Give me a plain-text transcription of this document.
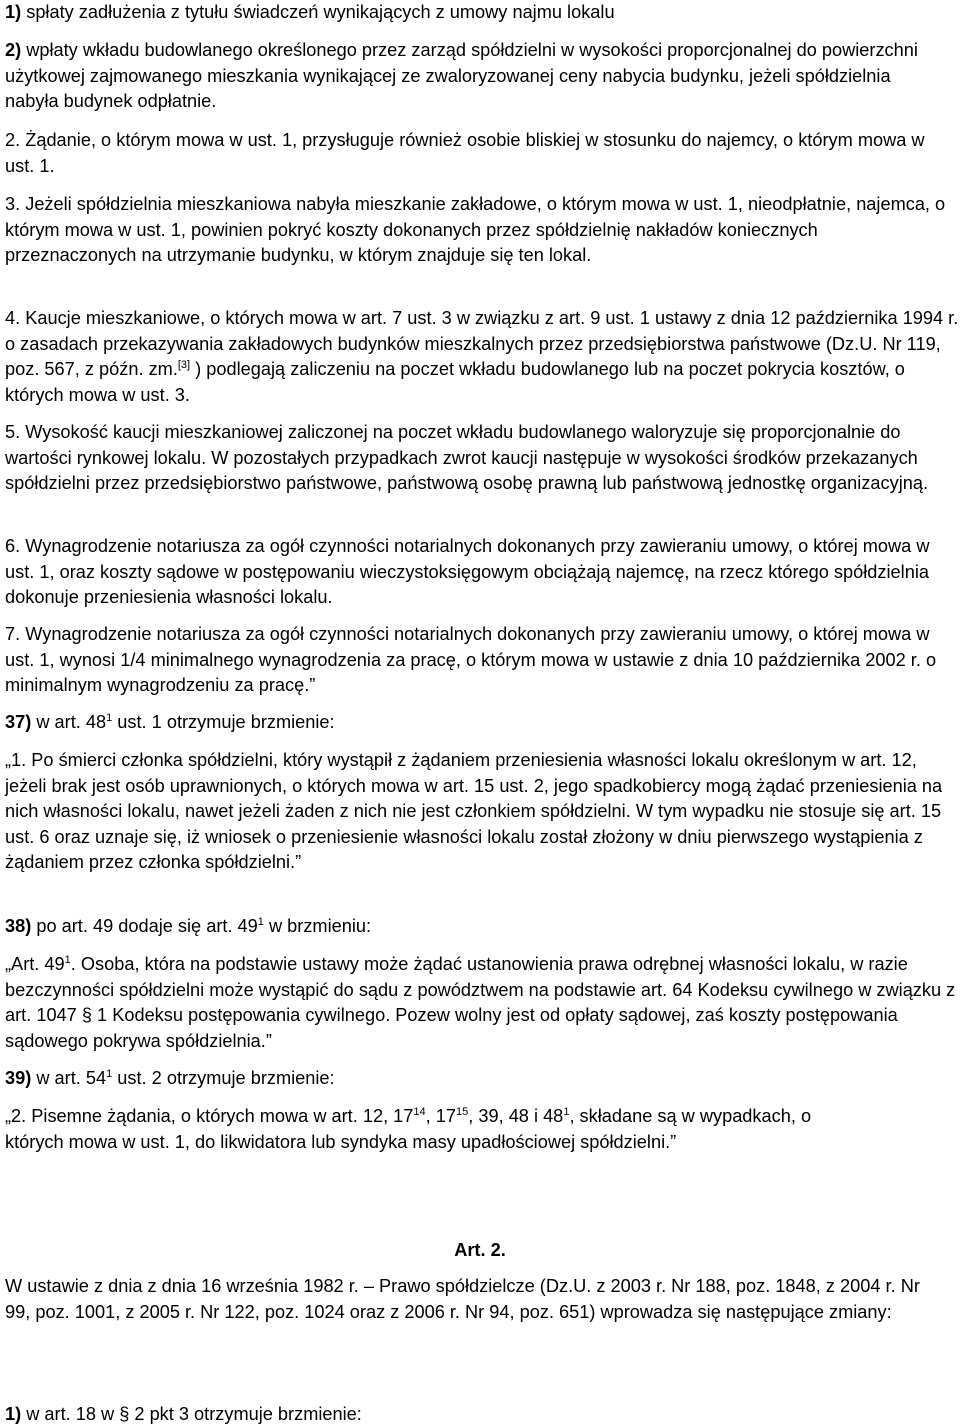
1) spłaty zadłużenia z tytułu świadczeń wynikających z umowy najmu lokalu

2) wpłaty wkładu budowlanego określonego przez zarząd spółdzielni w wysokości proporcjonalnej do powierzchni użytkowej zajmowanego mieszkania wynikającej ze zwaloryzowanej ceny nabycia budynku, jeżeli spółdzielnia nabyła budynek odpłatnie.

2. Żądanie, o którym mowa w ust. 1, przysługuje również osobie bliskiej w stosunku do najemcy, o którym mowa w ust. 1.

3. Jeżeli spółdzielnia mieszkaniowa nabyła mieszkanie zakładowe, o którym mowa w ust. 1, nieodpłatnie, najemca, o którym mowa w ust. 1, powinien pokryć koszty dokonanych przez spółdzielnię nakładów koniecznych przeznaczonych na utrzymanie budynku, w którym znajduje się ten lokal.

4. Kaucje mieszkaniowe, o których mowa w art. 7 ust. 3 w związku z art. 9 ust. 1 ustawy z dnia 12 października 1994 r. o zasadach przekazywania zakładowych budynków mieszkalnych przez przedsiębiorstwa państwowe (Dz.U. Nr 119, poz. 567, z późn. zm.[3] ) podlegają zaliczeniu na poczet wkładu budowlanego lub na poczet pokrycia kosztów, o których mowa w ust. 3.

5. Wysokość kaucji mieszkaniowej zaliczonej na poczet wkładu budowlanego waloryzuje się proporcjonalnie do wartości rynkowej lokalu. W pozostałych przypadkach zwrot kaucji następuje w wysokości środków przekazanych spółdzielni przez przedsiębiorstwo państwowe, państwową osobę prawną lub państwową jednostkę organizacyjną.

6. Wynagrodzenie notariusza za ogół czynności notarialnych dokonanych przy zawieraniu umowy, o której mowa w ust. 1, oraz koszty sądowe w postępowaniu wieczystoksięgowym obciążają najemcę, na rzecz którego spółdzielnia dokonuje przeniesienia własności lokalu.

7. Wynagrodzenie notariusza za ogół czynności notarialnych dokonanych przy zawieraniu umowy, o której mowa w ust. 1, wynosi 1/4 minimalnego wynagrodzenia za pracę, o którym mowa w ustawie z dnia 10 października 2002 r. o minimalnym wynagrodzeniu za pracę.”

37) w art. $48^1$ ust. 1 otrzymuje brzmienie:

„1. Po śmierci członka spółdzielni, który wystąpił z żądaniem przeniesienia własności lokalu określonym w art. 12, jeżeli brak jest osób uprawnionych, o których mowa w art. 15 ust. 2, jego spadkobiercy mogą żądać przeniesienia na nich własności lokalu, nawet jeżeli żaden z nich nie jest członkiem spółdzielni. W tym wypadku nie stosuje się art. 15 ust. 6 oraz uznaje się, iż wniosek o przeniesienie własności lokalu został złożony w dniu pierwszego wystąpienia z żądaniem przez członka spółdzielni.”

38) po art. 49 dodaje się art. $49^1$ w brzmieniu:

„Art. $49^1$. Osoba, która na podstawie ustawy może żądać ustanowienia prawa odrębnej własności lokalu, w razie bezczynności spółdzielni może wystąpić do sądu z powództwem na podstawie art. 64 Kodeksu cywilnego w związku z art. 1047 § 1 Kodeksu postępowania cywilnego. Pozew wolny jest od opłaty sądowej, zaś koszty postępowania sądowego pokrywa spółdzielnia.”

39) w art. $54^1$ ust. 2 otrzymuje brzmienie:

„2. Pisemne żądania, o których mowa w art. 12, $17^{14}$, $17^{15}$, 39, 48 i $48^1$, składane są w wypadkach, o których mowa w ust. 1, do likwidatora lub syndyka masy upadłościowej spółdzielni.”

Art. 2.

W ustawie z dnia z dnia 16 września 1982 r. – Prawo spółdzielcze (Dz.U. z 2003 r. Nr 188, poz. 1848, z 2004 r. Nr 99, poz. 1001, z 2005 r. Nr 122, poz. 1024 oraz z 2006 r. Nr 94, poz. 651) wprowadza się następujące zmiany:

1) w art. 18 w § 2 pkt 3 otrzymuje brzmienie:
